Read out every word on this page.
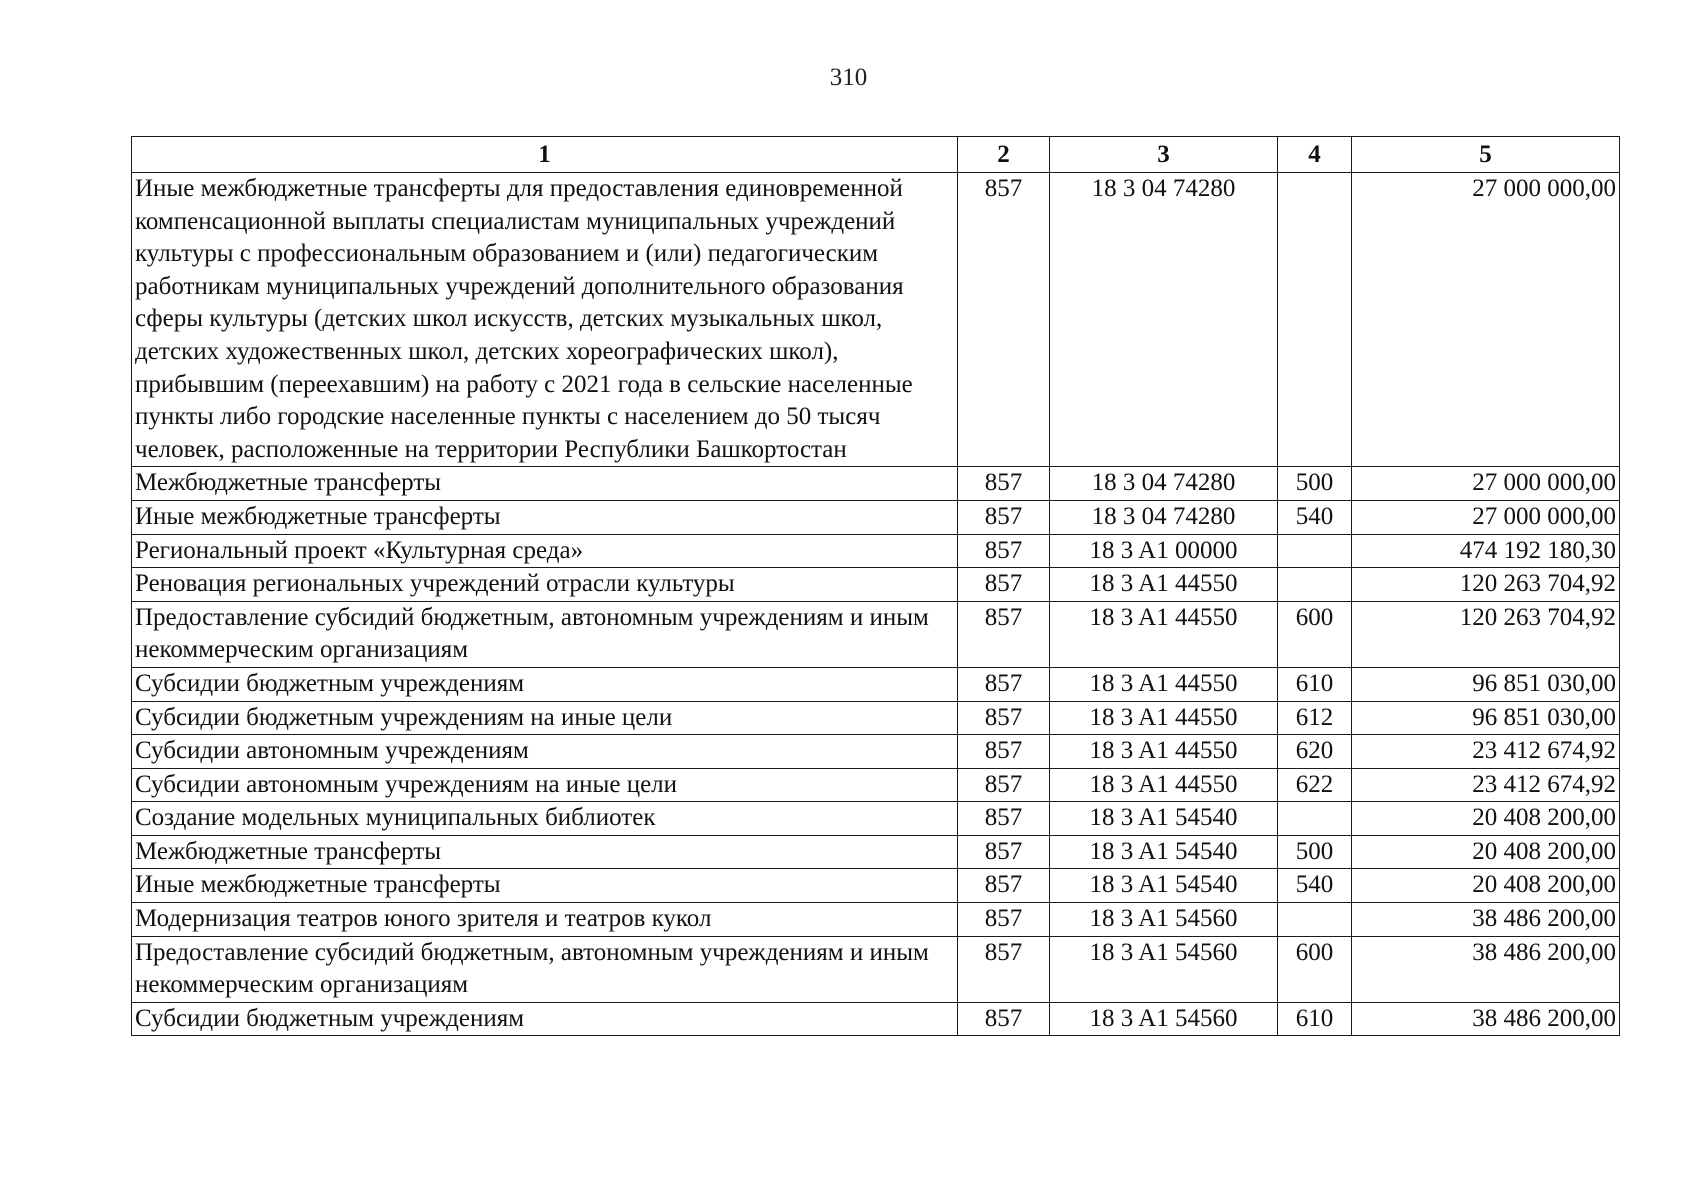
310
1	2	3	4	5
Иные межбюджетные трансферты для предоставления единовременной компенсационной выплаты специалистам муниципальных учреждений культуры с профессиональным образованием и (или) педагогическим работникам муниципальных учреждений дополнительного образования сферы культуры (детских школ искусств, детских музыкальных школ, детских художественных школ, детских хореографических школ), прибывшим (переехавшим) на работу с 2021 года в сельские населенные пункты либо городские населенные пункты с населением до 50 тысяч человек, расположенные на территории Республики Башкортостан	857	18 3 04 74280		27 000 000,00
Межбюджетные трансферты	857	18 3 04 74280	500	27 000 000,00
Иные межбюджетные трансферты	857	18 3 04 74280	540	27 000 000,00
Региональный проект «Культурная среда»	857	18 3 A1 00000		474 192 180,30
Реновация региональных учреждений отрасли культуры	857	18 3 A1 44550		120 263 704,92
Предоставление субсидий бюджетным, автономным учреждениям и иным некоммерческим организациям	857	18 3 A1 44550	600	120 263 704,92
Субсидии бюджетным учреждениям	857	18 3 A1 44550	610	96 851 030,00
Субсидии бюджетным учреждениям на иные цели	857	18 3 A1 44550	612	96 851 030,00
Субсидии автономным учреждениям	857	18 3 A1 44550	620	23 412 674,92
Субсидии автономным учреждениям на иные цели	857	18 3 A1 44550	622	23 412 674,92
Создание модельных муниципальных библиотек	857	18 3 A1 54540		20 408 200,00
Межбюджетные трансферты	857	18 3 A1 54540	500	20 408 200,00
Иные межбюджетные трансферты	857	18 3 A1 54540	540	20 408 200,00
Модернизация театров юного зрителя и театров кукол	857	18 3 A1 54560		38 486 200,00
Предоставление субсидий бюджетным, автономным учреждениям и иным некоммерческим организациям	857	18 3 A1 54560	600	38 486 200,00
Субсидии бюджетным учреждениям	857	18 3 A1 54560	610	38 486 200,00
